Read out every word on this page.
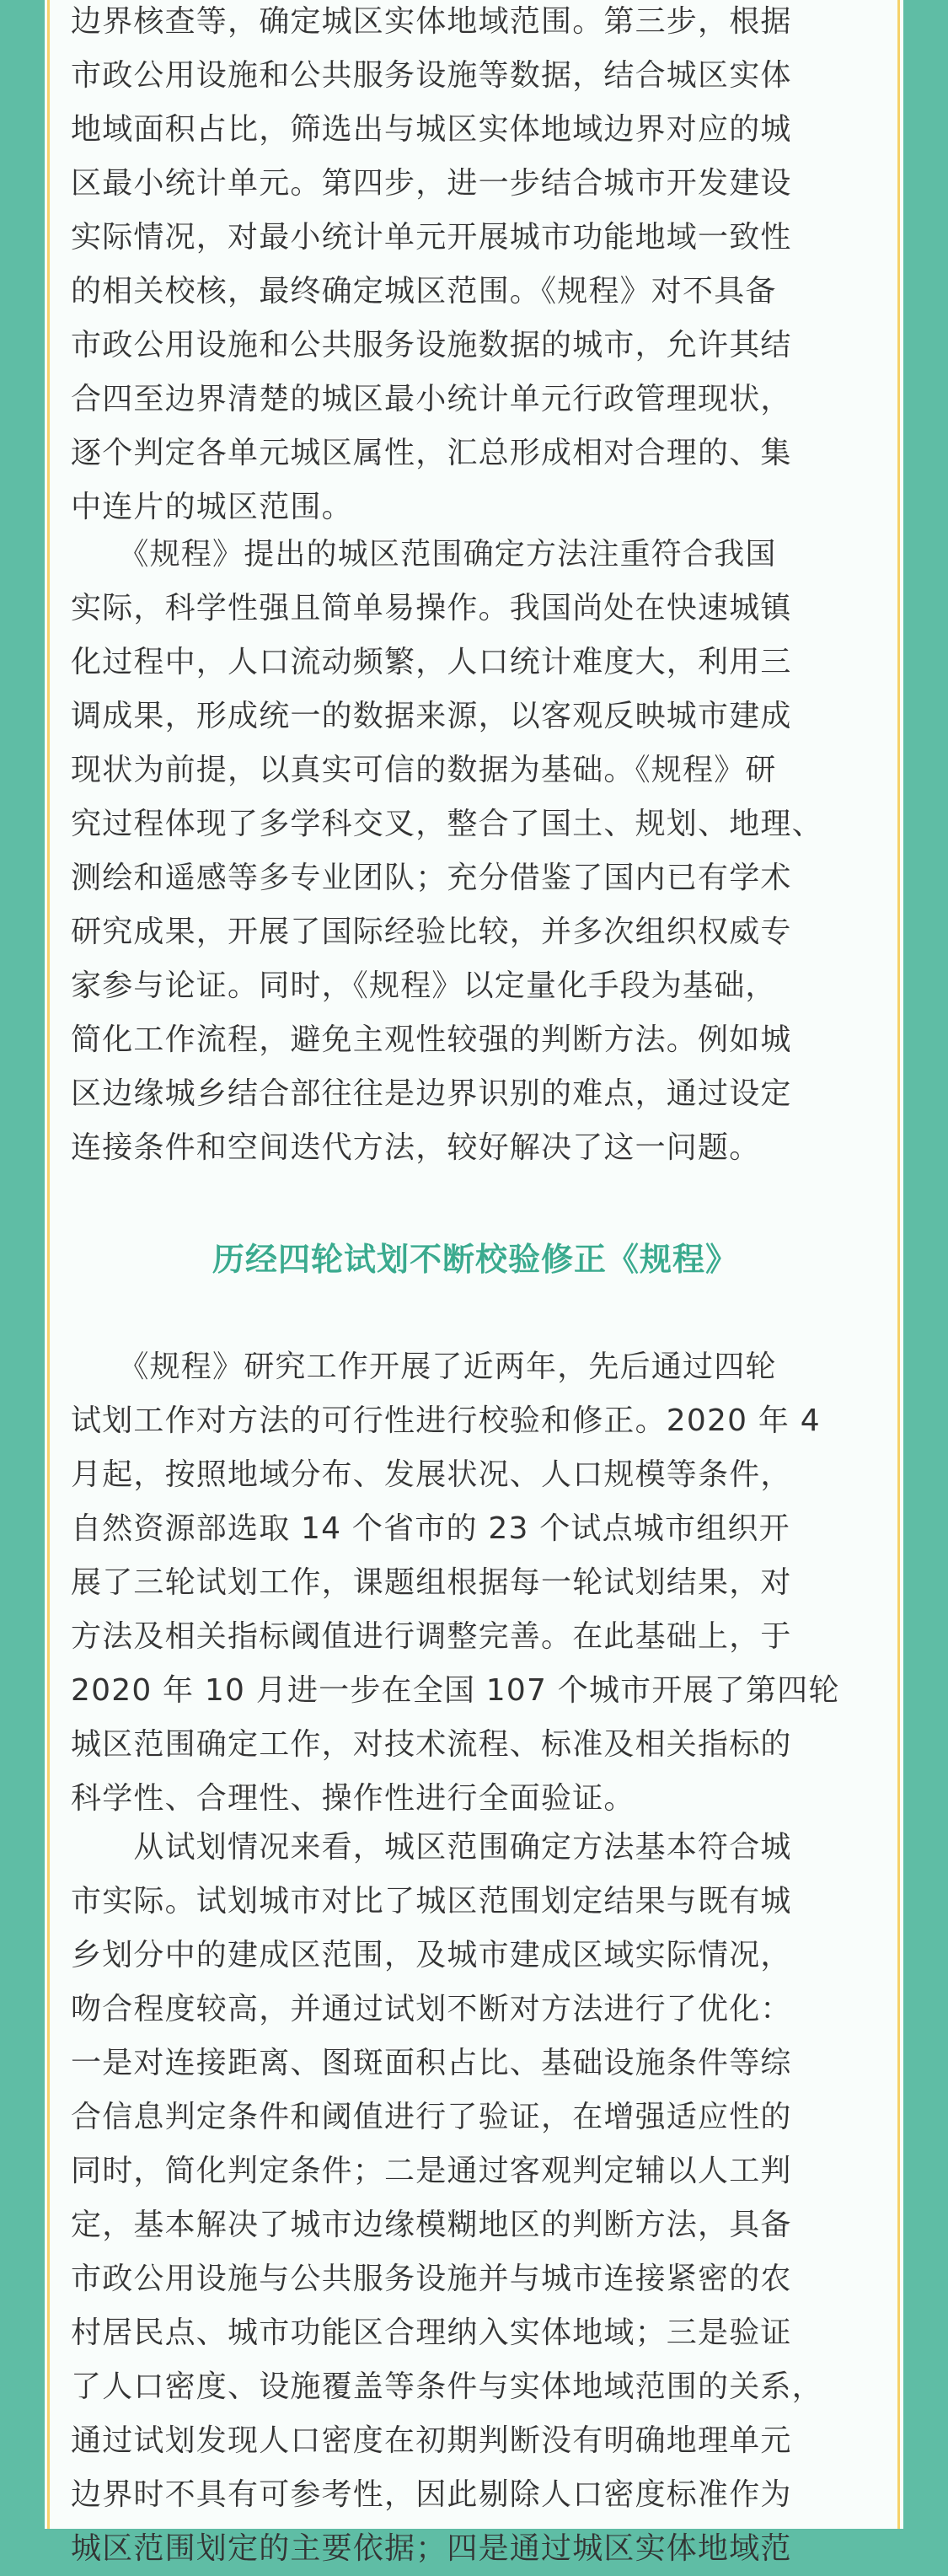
边界核查等，确定城区实体地域范围。第三步，根据
市政公用设施和公共服务设施等数据，结合城区实体
地域面积占比，筛选出与城区实体地域边界对应的城
区最小统计单元。第四步，进一步结合城市开发建设
实际情况，对最小统计单元开展城市功能地域一致性
的相关校核，最终确定城区范围。《规程》对不具备
市政公用设施和公共服务设施数据的城市，允许其结
合四至边界清楚的城区最小统计单元行政管理现状，
逐个判定各单元城区属性，汇总形成相对合理的、集
中连片的城区范围。
　　《规程》提出的城区范围确定方法注重符合我国
实际，科学性强且简单易操作。我国尚处在快速城镇
化过程中，人口流动频繁，人口统计难度大，利用三
调成果，形成统一的数据来源，以客观反映城市建成
现状为前提，以真实可信的数据为基础。《规程》研
究过程体现了多学科交叉，整合了国土、规划、地理、
测绘和遥感等多专业团队；充分借鉴了国内已有学术
研究成果，开展了国际经验比较，并多次组织权威专
家参与论证。同时，《规程》以定量化手段为基础，
简化工作流程，避免主观性较强的判断方法。例如城
区边缘城乡结合部往往是边界识别的难点，通过设定
连接条件和空间迭代方法，较好解决了这一问题。
历经四轮试划不断校验修正《规程》
　　《规程》研究工作开展了近两年，先后通过四轮
试划工作对方法的可行性进行校验和修正。2020 年 4
月起，按照地域分布、发展状况、人口规模等条件，
自然资源部选取 14 个省市的 23 个试点城市组织开
展了三轮试划工作，课题组根据每一轮试划结果，对
方法及相关指标阈值进行调整完善。在此基础上，于
2020 年 10 月进一步在全国 107 个城市开展了第四轮
城区范围确定工作，对技术流程、标准及相关指标的
科学性、合理性、操作性进行全面验证。
　　从试划情况来看，城区范围确定方法基本符合城
市实际。试划城市对比了城区范围划定结果与既有城
乡划分中的建成区范围，及城市建成区域实际情况，
吻合程度较高，并通过试划不断对方法进行了优化：
一是对连接距离、图斑面积占比、基础设施条件等综
合信息判定条件和阈值进行了验证，在增强适应性的
同时，简化判定条件；二是通过客观判定辅以人工判
定，基本解决了城市边缘模糊地区的判断方法，具备
市政公用设施与公共服务设施并与城市连接紧密的农
村居民点、城市功能区合理纳入实体地域；三是验证
了人口密度、设施覆盖等条件与实体地域范围的关系，
通过试划发现人口密度在初期判断没有明确地理单元
边界时不具有可参考性，因此剔除人口密度标准作为
城区范围划定的主要依据；四是通过城区实体地域范
